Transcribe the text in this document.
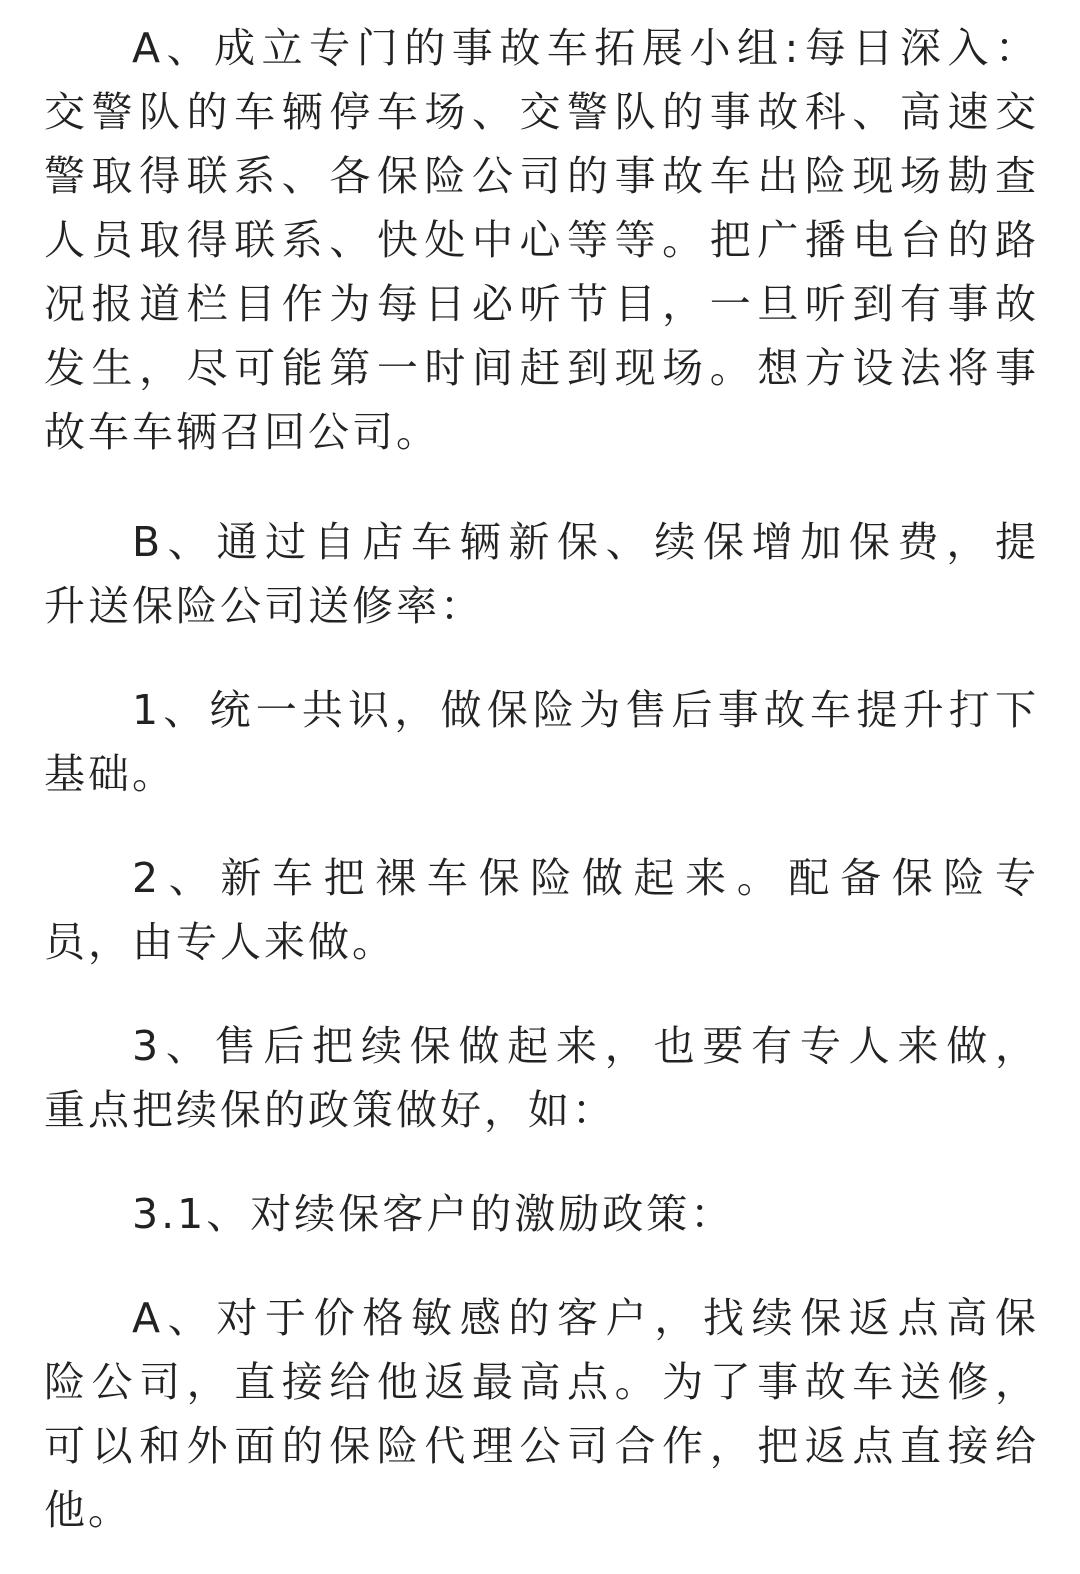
A、成立专门的事故车拓展小组:每日深入：
交警队的车辆停车场、交警队的事故科、高速交
警取得联系、各保险公司的事故车出险现场勘查
人员取得联系、快处中心等等。把广播电台的路
况报道栏目作为每日必听节目，一旦听到有事故
发生，尽可能第一时间赶到现场。想方设法将事
故车车辆召回公司。
B、通过自店车辆新保、续保增加保费，提
升送保险公司送修率：
1、统一共识，做保险为售后事故车提升打下
基础。
2、新车把裸车保险做起来。配备保险专
员，由专人来做。
3、售后把续保做起来，也要有专人来做，
重点把续保的政策做好，如：
3.1、对续保客户的激励政策：
A、对于价格敏感的客户，找续保返点高保
险公司，直接给他返最高点。为了事故车送修，
可以和外面的保险代理公司合作，把返点直接给
他。
